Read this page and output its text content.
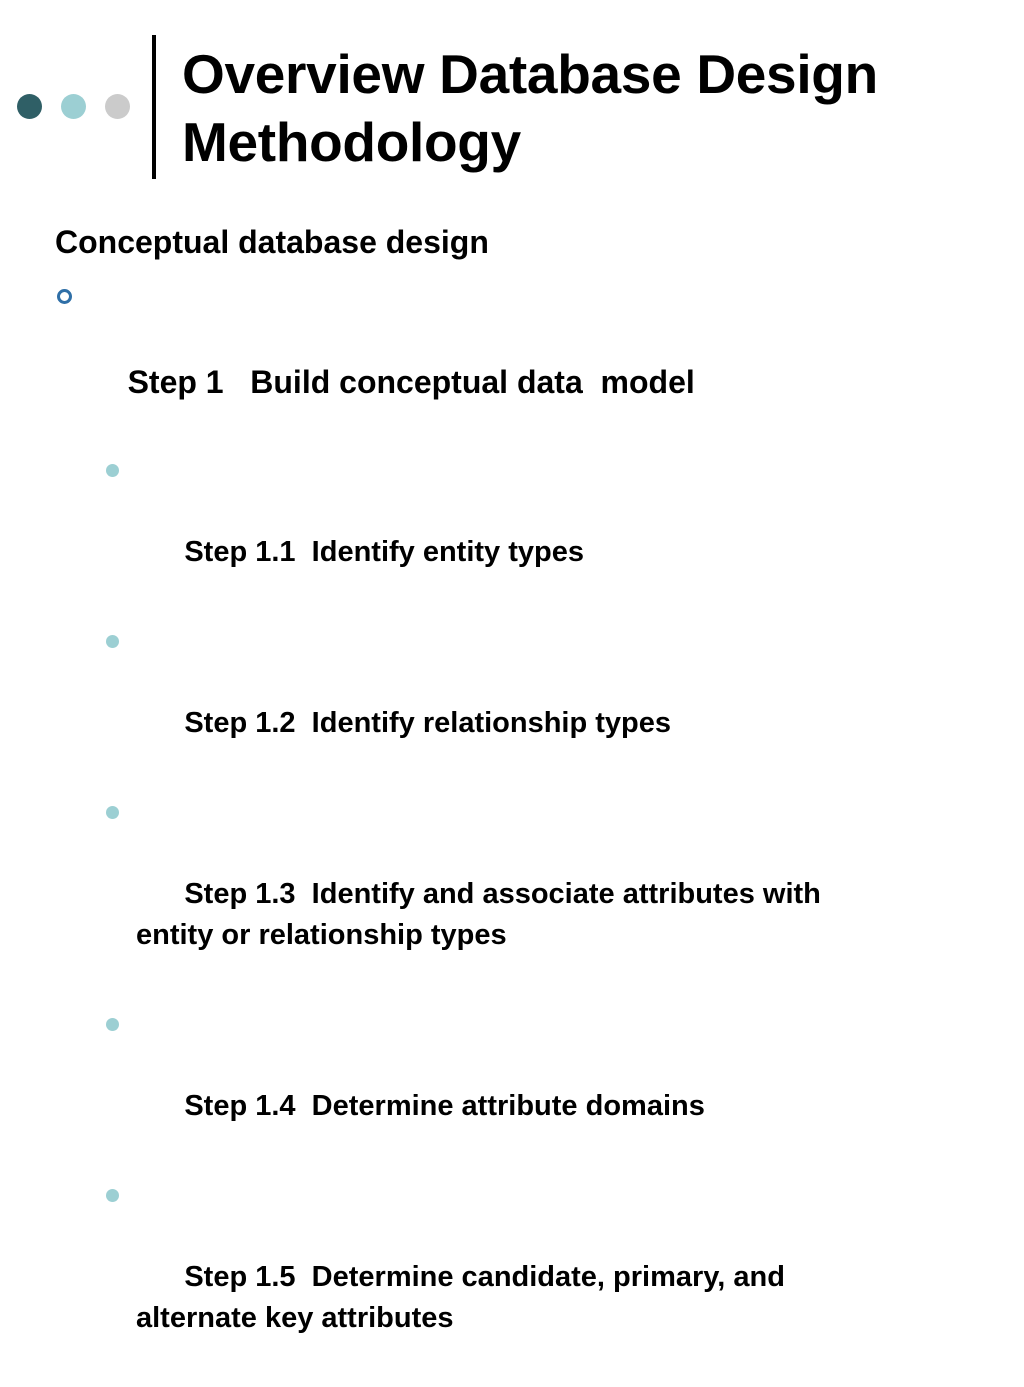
Overview Database Design
Methodology

Conceptual database design

Step 1   Build conceptual data  model

Step 1.1  Identify entity types

Step 1.2  Identify relationship types

Step 1.3  Identify and associate attributes with entity or relationship types

Step 1.4  Determine attribute domains

Step 1.5  Determine candidate, primary, and alternate key attributes
